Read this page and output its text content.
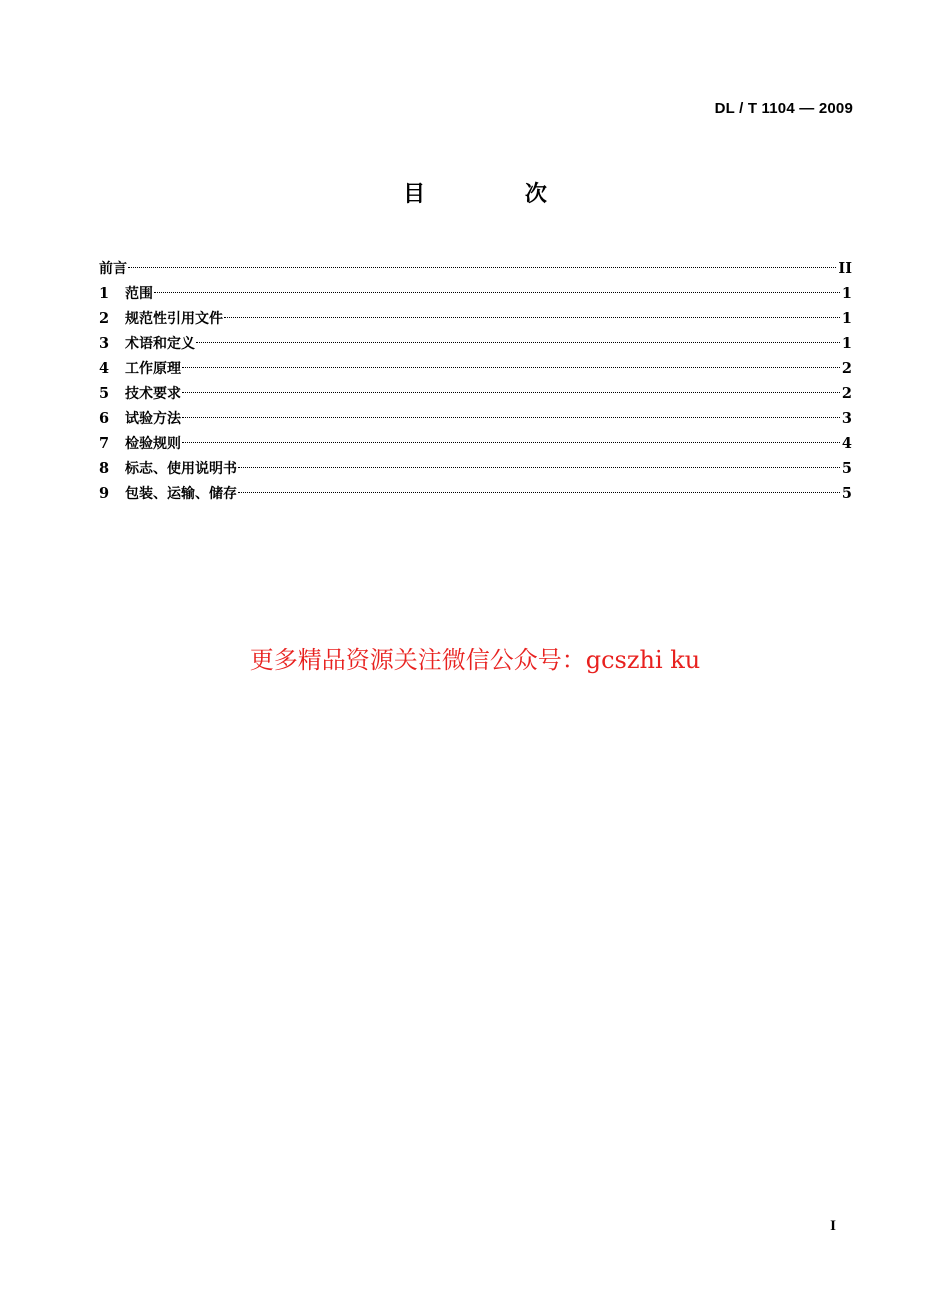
DL / T 1104 — 2009
目 次
前言	II
1	范围	1
2	规范性引用文件	1
3	术语和定义	1
4	工作原理	2
5	技术要求	2
6	试验方法	3
7	检验规则	4
8	标志、使用说明书	5
9	包装、运输、储存	5
更多精品资源关注微信公众号：gcszhi ku
I
